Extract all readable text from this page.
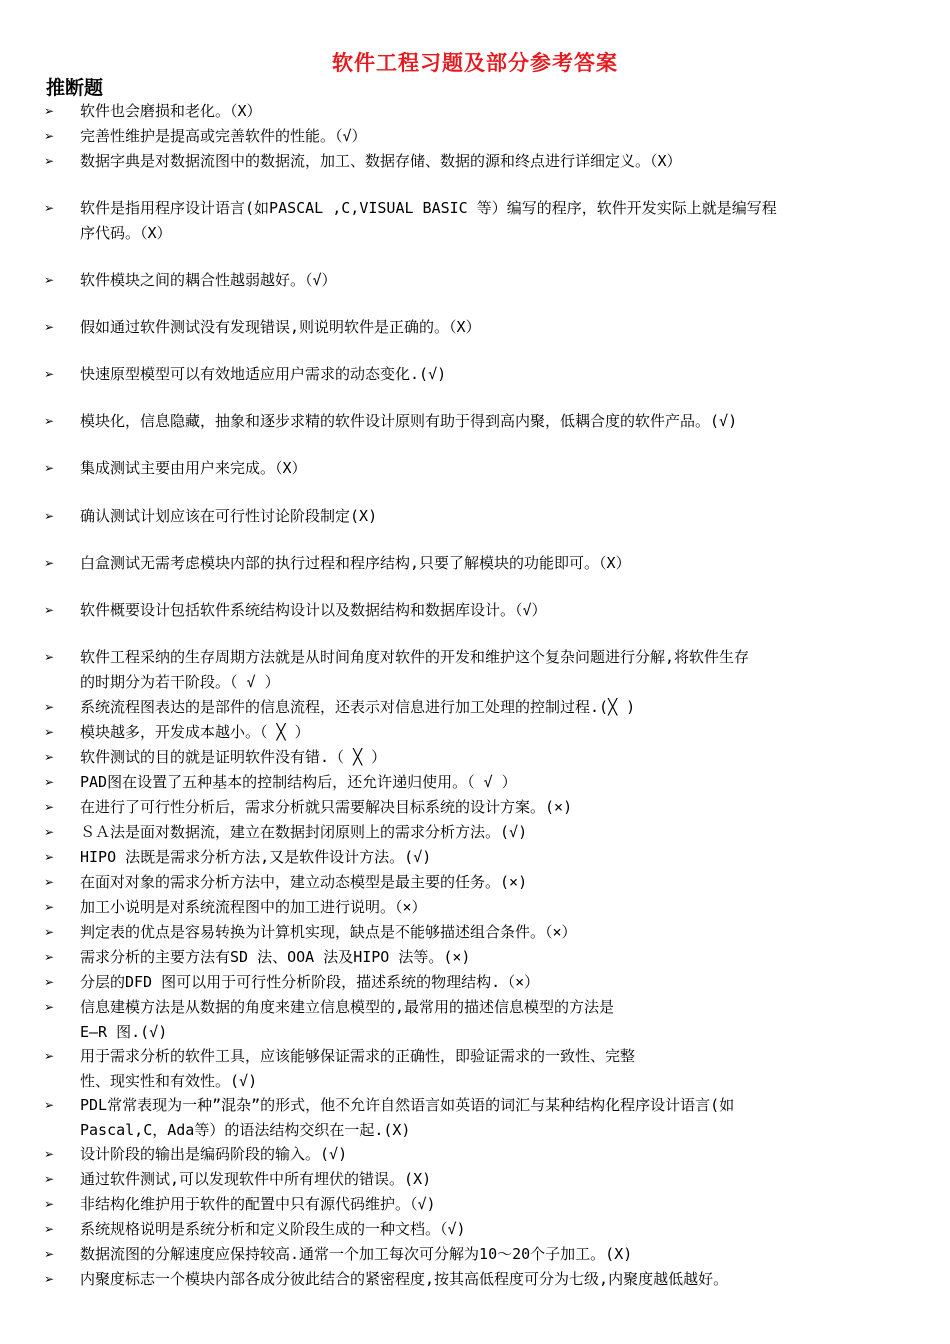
软件工程习题及部分参考答案
推断题
➢ 软件也会磨损和老化。（X）
➢ 完善性维护是提高或完善软件的性能。（√）
➢ 数据字典是对数据流图中的数据流，加工、数据存储、数据的源和终点进行详细定义。（X）
➢ 软件是指用程序设计语言(如PASCAL ,C,VISUAL BASIC 等）编写的程序，软件开发实际上就是编写程
序代码。（X）
➢ 软件模块之间的耦合性越弱越好。（√）
➢ 假如通过软件测试没有发现错误,则说明软件是正确的。（X）
➢ 快速原型模型可以有效地适应用户需求的动态变化.(√)
➢ 模块化，信息隐藏，抽象和逐步求精的软件设计原则有助于得到高内聚，低耦合度的软件产品。(√)
➢ 集成测试主要由用户来完成。（X）
➢ 确认测试计划应该在可行性讨论阶段制定(X)
➢ 白盒测试无需考虑模块内部的执行过程和程序结构,只要了解模块的功能即可。（X）
➢ 软件概要设计包括软件系统结构设计以及数据结构和数据库设计。（√）
➢ 软件工程采纳的生存周期方法就是从时间角度对软件的开发和维护这个复杂问题进行分解,将软件生存
的时期分为若干阶段。（ √ ）
➢ 系统流程图表达的是部件的信息流程，还表示对信息进行加工处理的控制过程.(╳ )
➢ 模块越多，开发成本越小。（ ╳ ）
➢ 软件测试的目的就是证明软件没有错.（ ╳ ）
➢ PAD图在设置了五种基本的控制结构后，还允许递归使用。（ √ ）
➢ 在进行了可行性分析后，需求分析就只需要解决目标系统的设计方案。(×)
➢ ＳＡ法是面对数据流，建立在数据封闭原则上的需求分析方法。(√)
➢ HIPO 法既是需求分析方法,又是软件设计方法。(√)
➢ 在面对对象的需求分析方法中，建立动态模型是最主要的任务。(×)
➢ 加工小说明是对系统流程图中的加工进行说明。（×）
➢ 判定表的优点是容易转换为计算机实现，缺点是不能够描述组合条件。（×）
➢ 需求分析的主要方法有SD 法、OOA 法及HIPO 法等。(×)
➢ 分层的DFD 图可以用于可行性分析阶段，描述系统的物理结构.（×）
➢ 信息建模方法是从数据的角度来建立信息模型的,最常用的描述信息模型的方法是
E—R 图.(√)
➢ 用于需求分析的软件工具，应该能够保证需求的正确性，即验证需求的一致性、完整
性、现实性和有效性。(√)
➢ PDL常常表现为一种”混杂”的形式，他不允许自然语言如英语的词汇与某种结构化程序设计语言(如
Pascal,C，Ada等）的语法结构交织在一起.(X)
➢ 设计阶段的输出是编码阶段的输入。(√)
➢ 通过软件测试,可以发现软件中所有埋伏的错误。(X)
➢ 非结构化维护用于软件的配置中只有源代码维护。（√)
➢ 系统规格说明是系统分析和定义阶段生成的一种文档。（√)
➢ 数据流图的分解速度应保持较高.通常一个加工每次可分解为10～20个子加工。(X)
➢ 内聚度标志一个模块内部各成分彼此结合的紧密程度,按其高低程度可分为七级,内聚度越低越好。
